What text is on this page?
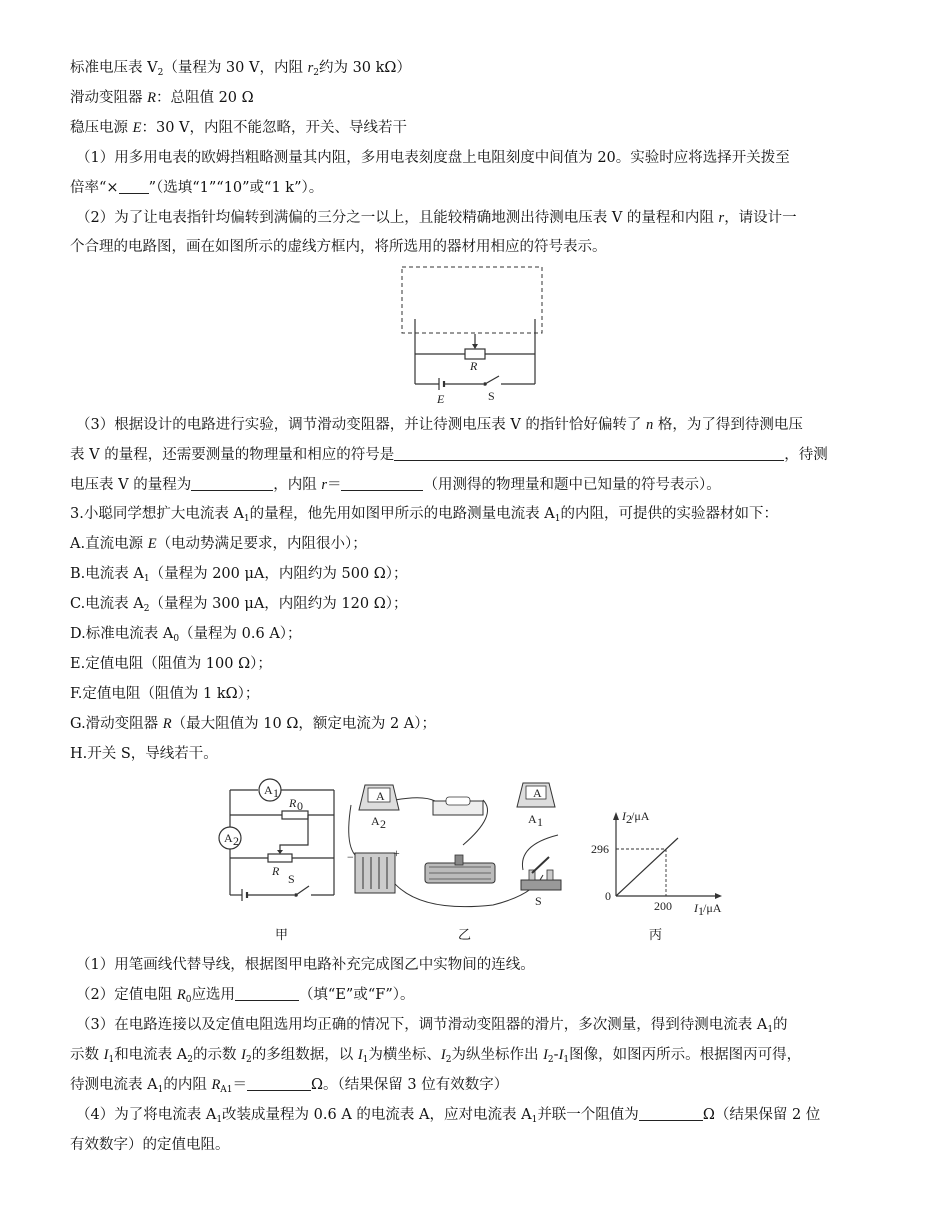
标准电压表 $V_2$（量程为 30 V，内阻 $r_2$约为 30 kΩ）
滑动变阻器 R：总阻值 20 Ω
稳压电源 E：30 V，内阻不能忽略，开关、导线若干
（1）用多用电表的欧姆挡粗略测量其内阻，多用电表刻度盘上电阻刻度中间值为 20。实验时应将选择开关拨至
倍率“× ”（选填“1”“10”或“1 k”）。
（2）为了让电表指针均偏转到满偏的三分之一以上，且能较精确地测出待测电压表 V 的量程和内阻 r，请设计一
个合理的电路图，画在如图所示的虚线方框内，将所选用的器材用相应的符号表示。
R
E	S
（3）根据设计的电路进行实验，调节滑动变阻器，并让待测电压表 V 的指针恰好偏转了 n 格，为了得到待测电压
表 V 的量程，还需要测量的物理量和相应的符号是	，待测
电压表 V 的量程为	，内阻 r＝	（用测得的物理量和题中已知量的符号表示）。
3.小聪同学想扩大电流表 $A_1$的量程，他先用如图甲所示的电路测量电流表 $A_1$的内阻，可提供的实验器材如下：
A.直流电源 E（电动势满足要求，内阻很小）；
B.电流表 $A_1$（量程为 200 μA，内阻约为 500 Ω）；
C.电流表 $A_2$（量程为 300 μA，内阻约为 120 Ω）；
D.标准电流表 $A_0$（量程为 0.6 A）；
E.定值电阻（阻值为 100 Ω）；
F.定值电阻（阻值为 1 kΩ）；
G.滑动变阻器 R（最大阻值为 10 Ω，额定电流为 2 A）；
H.开关 S，导线若干。
A 1
R 0
A 2
R
S
A
A 2
A
A 1
−	+
S
I 2 /μA
296
0
200 I 1 /μA
甲	乙	丙
（1）用笔画线代替导线，根据图甲电路补充完成图乙中实物间的连线。
（2）定值电阻 $R_0$应选用	（填“E”或“F”）。
（3）在电路连接以及定值电阻选用均正确的情况下，调节滑动变阻器的滑片，多次测量，得到待测电流表 $A_1$的
示数 $I_1$和电流表 $A_2$的示数 $I_2$的多组数据，以 $I_1$为横坐标、$I_2$为纵坐标作出 $I_2-I_1$图像，如图丙所示。根据图丙可得，
待测电流表 $A_1$的内阻 $R_{A1}=$	Ω。（结果保留 3 位有效数字）
（4）为了将电流表 $A_1$改装成量程为 0.6 A 的电流表 A，应对电流表 $A_1$并联一个阻值为	Ω（结果保留 2 位
有效数字）的定值电阻。
